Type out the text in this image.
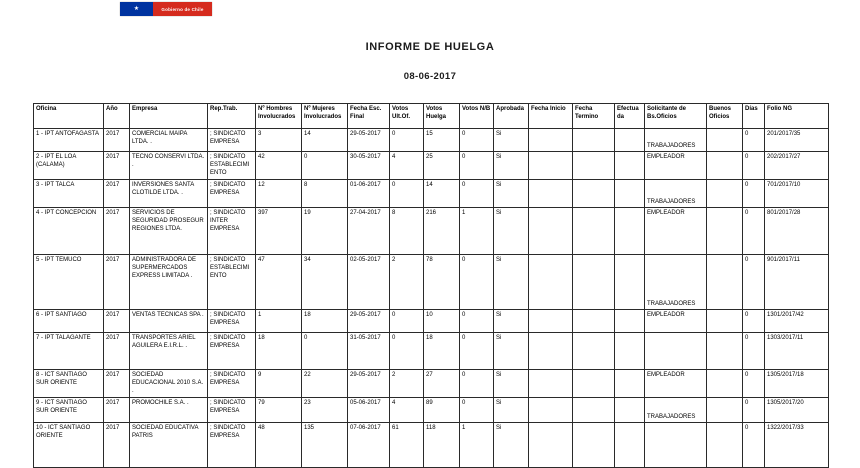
★	Gobierno de Chile
INFORME DE HUELGA
08-06-2017
Oficina	Año	Empresa	Rep.Trab.	Nº Hombres Involucrados	Nº Mujeres Involucrados	Fecha Esc. Final	Votos Ult.Of.	Votos Huelga	Votos N/B	Aprobada	Fecha Inicio	Fecha Termino	Efectuada	Solicitante de Bs.Oficios	Buenos Oficios	Días	Folio NG
1 - IPT ANTOFAGASTA	2017	COMERCIAL MAIPA LTDA. .	; SINDICATO EMPRESA	3	14	29-05-2017	0	15	0	Si				TRABAJADORES		0	201/2017/35
2 - IPT EL LOA (CALAMA)	2017	TECNO CONSERVI LTDA. .	; SINDICATO ESTABLECIMIENTO	42	0	30-05-2017	4	25	0	Si				EMPLEADOR		0	202/2017/27
3 - IPT TALCA	2017	INVERSIONES SANTA CLOTILDE LTDA. .	; SINDICATO EMPRESA	12	8	01-06-2017	0	14	0	Si				TRABAJADORES		0	701/2017/10
4 - IPT CONCEPCION	2017	SERVICIOS DE SEGURIDAD PROSEGUR REGIONES LTDA.	; SINDICATO INTER EMPRESA	397	19	27-04-2017	8	216	1	Si				EMPLEADOR		0	801/2017/28
5 - IPT TEMUCO	2017	ADMINISTRADORA DE SUPERMERCADOS EXPRESS LIMITADA .	; SINDICATO ESTABLECIMIENTO	47	34	02-05-2017	2	78	0	Si				TRABAJADORES		0	901/2017/11
6 - IPT SANTIAGO	2017	VENTAS TECNICAS SPA .	; SINDICATO EMPRESA	1	18	29-05-2017	0	10	0	Si				EMPLEADOR		0	1301/2017/42
7 - IPT TALAGANTE	2017	TRANSPORTES ARIEL AGUILERA E.I.R.L. .	; SINDICATO EMPRESA	18	0	31-05-2017	0	18	0	Si						0	1303/2017/11
8 - ICT SANTIAGO SUR ORIENTE	2017	SOCIEDAD EDUCACIONAL 2010 S.A. .	; SINDICATO EMPRESA	9	22	29-05-2017	2	27	0	Si				EMPLEADOR		0	1305/2017/18
9 - ICT SANTIAGO SUR ORIENTE	2017	PROMOCHILE S.A. .	; SINDICATO EMPRESA	79	23	05-06-2017	4	89	0	Si				TRABAJADORES		0	1305/2017/20
10 - ICT SANTIAGO ORIENTE	2017	SOCIEDAD EDUCATIVA PATRIS	; SINDICATO EMPRESA	48	135	07-06-2017	61	118	1	Si						0	1322/2017/33
